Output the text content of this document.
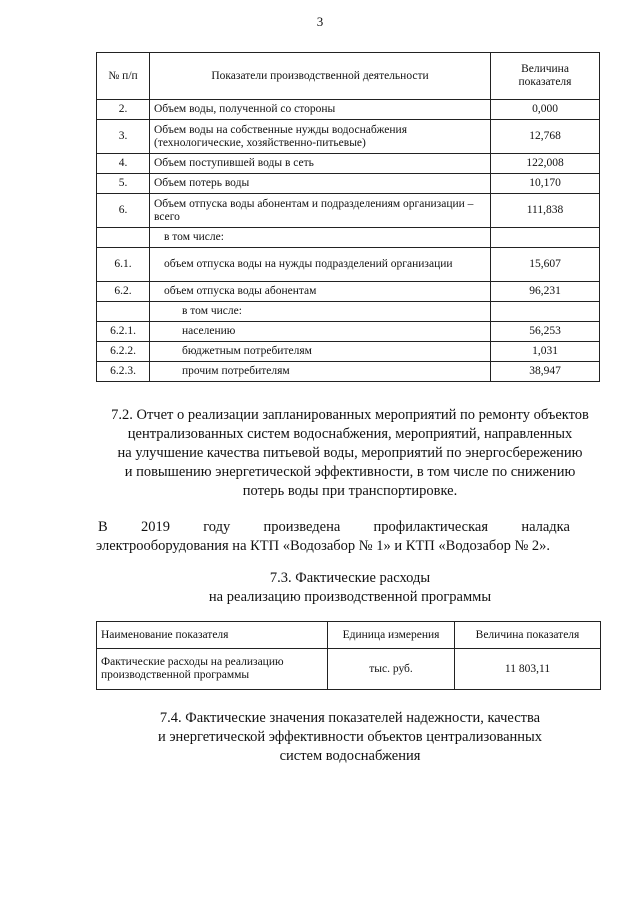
3
№ п/п	Показатели производственной деятельности	Величина показателя
2.	Объем воды, полученной со стороны	0,000
3.	Объем воды на собственные нужды водоснабжения (технологические, хозяйственно-питьевые)	12,768
4.	Объем поступившей воды в сеть	122,008
5.	Объем потерь воды	10,170
6.	Объем отпуска воды абонентам и подразделениям организации – всего	111,838
	в том числе:	
6.1.	объем отпуска воды на нужды подразделений организации	15,607
6.2.	объем отпуска воды абонентам	96,231
	в том числе:	
6.2.1.	населению	56,253
6.2.2.	бюджетным потребителям	1,031
6.2.3.	прочим потребителям	38,947
7.2. Отчет о реализации запланированных мероприятий по ремонту объектов
централизованных систем водоснабжения, мероприятий, направленных
на улучшение качества питьевой воды, мероприятий по энергосбережению
и повышению энергетической эффективности, в том числе по снижению
потерь воды при транспортировке.
В 2019 году произведена профилактическая наладка
электрооборудования на КТП «Водозабор № 1» и КТП «Водозабор № 2».
7.3. Фактические расходы
на реализацию производственной программы
Наименование показателя	Единица измерения	Величина показателя
Фактические расходы на реализацию производственной программы	тыс. руб.	11 803,11
7.4. Фактические значения показателей надежности, качества
и энергетической эффективности объектов централизованных
систем водоснабжения
